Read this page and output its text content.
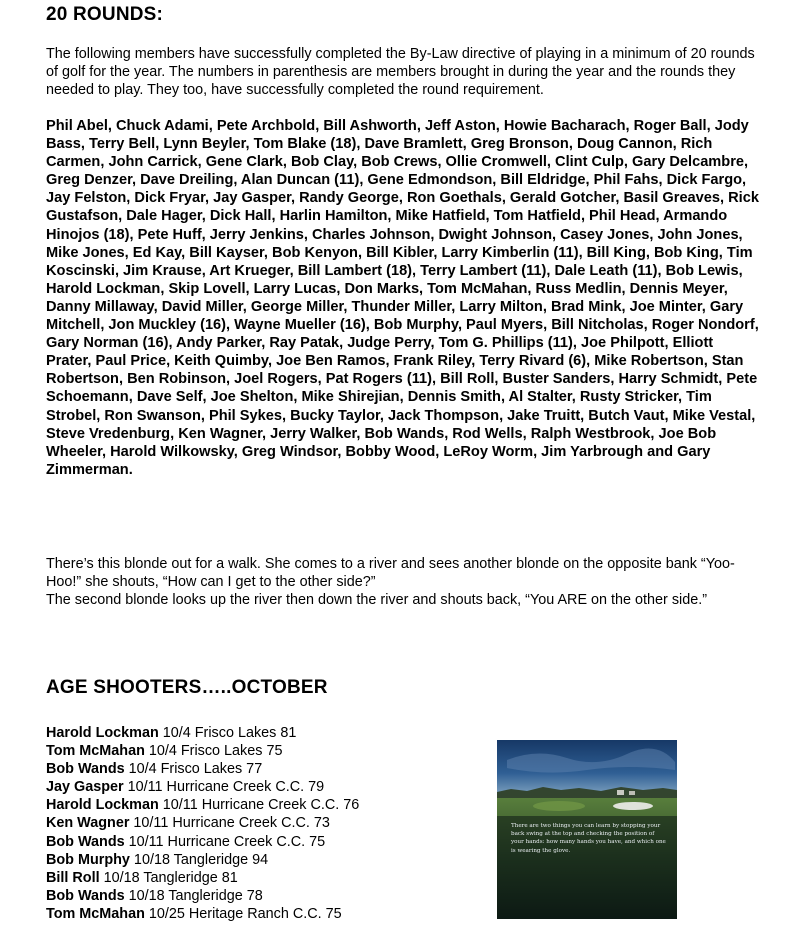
20 ROUNDS:

The following members have successfully completed the By-Law directive of playing in a minimum of 20 rounds of golf for the year. The numbers in parenthesis are members brought in during the year and the rounds they needed to play. They too, have successfully completed the round requirement.

Phil Abel, Chuck Adami, Pete Archbold, Bill Ashworth, Jeff Aston, Howie Bacharach, Roger Ball, Jody Bass, Terry Bell, Lynn Beyler, Tom Blake (18), Dave Bramlett, Greg Bronson, Doug Cannon, Rich Carmen, John Carrick, Gene Clark, Bob Clay, Bob Crews, Ollie Cromwell, Clint Culp, Gary Delcambre, Greg Denzer, Dave Dreiling, Alan Duncan (11), Gene Edmondson, Bill Eldridge, Phil Fahs, Dick Fargo, Jay Felston, Dick Fryar, Jay Gasper, Randy George, Ron Goethals, Gerald Gotcher, Basil Greaves, Rick Gustafson, Dale Hager, Dick Hall, Harlin Hamilton, Mike Hatfield, Tom Hatfield, Phil Head, Armando Hinojos (18), Pete Huff, Jerry Jenkins, Charles Johnson, Dwight Johnson, Casey Jones, John Jones, Mike Jones, Ed Kay, Bill Kayser, Bob Kenyon, Bill Kibler, Larry Kimberlin (11), Bill King, Bob King, Tim Koscinski, Jim Krause, Art Krueger, Bill Lambert (18), Terry Lambert (11), Dale Leath (11), Bob Lewis, Harold Lockman, Skip Lovell, Larry Lucas, Don Marks, Tom McMahan, Russ Medlin, Dennis Meyer, Danny Millaway, David Miller, George Miller, Thunder Miller, Larry Milton, Brad Mink, Joe Minter, Gary Mitchell, Jon Muckley (16), Wayne Mueller (16), Bob Murphy, Paul Myers, Bill Nitcholas, Roger Nondorf, Gary Norman (16), Andy Parker, Ray Patak, Judge Perry, Tom G. Phillips (11), Joe Philpott, Elliott Prater, Paul Price, Keith Quimby, Joe Ben Ramos, Frank Riley, Terry Rivard (6), Mike Robertson, Stan Robertson, Ben Robinson, Joel Rogers, Pat Rogers (11), Bill Roll, Buster Sanders, Harry Schmidt, Pete Schoemann, Dave Self, Joe Shelton, Mike Shirejian, Dennis Smith, Al Stalter, Rusty Stricker, Tim Strobel, Ron Swanson, Phil Sykes, Bucky Taylor, Jack Thompson, Jake Truitt, Butch Vaut, Mike Vestal, Steve Vredenburg, Ken Wagner, Jerry Walker, Bob Wands, Rod Wells, Ralph Westbrook, Joe Bob Wheeler, Harold Wilkowsky, Greg Windsor, Bobby Wood, LeRoy Worm, Jim Yarbrough and Gary Zimmerman.

There’s this blonde out for a walk. She comes to a river and sees another blonde on the opposite bank “Yoo-Hoo!” she shouts, “How can I get to the other side?”

The second blonde looks up the river then down the river and shouts back, “You ARE on the other side.”

AGE SHOOTERS…..OCTOBER
Harold Lockman 10/4 Frisco Lakes 81
Tom McMahan 10/4 Frisco Lakes 75
Bob Wands 10/4 Frisco Lakes 77
Jay Gasper 10/11 Hurricane Creek C.C. 79
Harold Lockman 10/11 Hurricane Creek C.C. 76
Ken Wagner 10/11 Hurricane Creek C.C. 73
Bob Wands 10/11 Hurricane Creek C.C. 75
Bob Murphy 10/18 Tangleridge 94
Bill Roll 10/18 Tangleridge 81
Bob Wands 10/18 Tangleridge 78
Tom McMahan 10/25 Heritage Ranch C.C. 75
There are two things you can learn by stopping your back swing at the top and checking the position of your hands: how many hands you have, and which one is wearing the glove.
